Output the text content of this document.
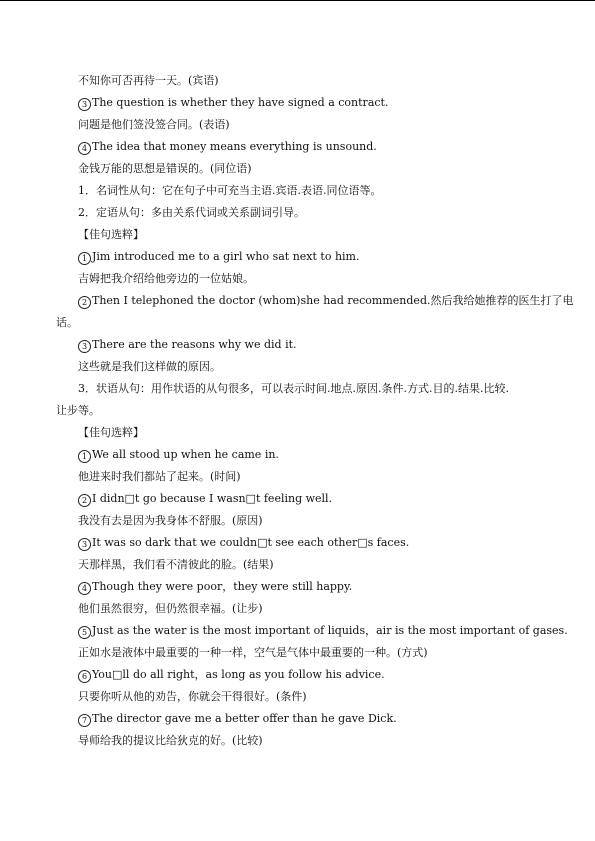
不知你可否再待一天。(宾语)
3 The question is whether they have signed a contract.
问题是他们签没签合同。(表语)
4 The idea that money means everything is unsound.
金钱万能的思想是错误的。(同位语)
1．名词性从句：它在句子中可充当主语.宾语.表语.同位语等。
2．定语从句：多由关系代词或关系副词引导。
【佳句选粹】
1 Jim introduced me to a girl who sat next to him.
吉姆把我介绍给他旁边的一位姑娘。
2 Then I telephoned the doctor (whom)she had recommended.然后我给她推荐的医生打了电
话。
3 There are the reasons why we did it.
这些就是我们这样做的原因。
3．状语从句：用作状语的从句很多，可以表示时间.地点.原因.条件.方式.目的.结果.比较.
让步等。
【佳句选粹】
1 We all stood up when he came in.
他进来时我们都站了起来。(时间)
2 I didn□t go because I wasn□t feeling well.
我没有去是因为我身体不舒服。(原因)
3 It was so dark that we couldn□t see each other□s faces.
天那样黑，我们看不清彼此的脸。(结果)
4 Though they were poor，they were still happy.
他们虽然很穷，但仍然很幸福。(让步)
5 Just as the water is the most important of liquids，air is the most important of gases.
正如水是液体中最重要的一种一样，空气是气体中最重要的一种。(方式)
6 You□ll do all right，as long as you follow his advice.
只要你听从他的劝告，你就会干得很好。(条件)
7 The director gave me a better offer than he gave Dick.
导师给我的提议比给狄克的好。(比较)
